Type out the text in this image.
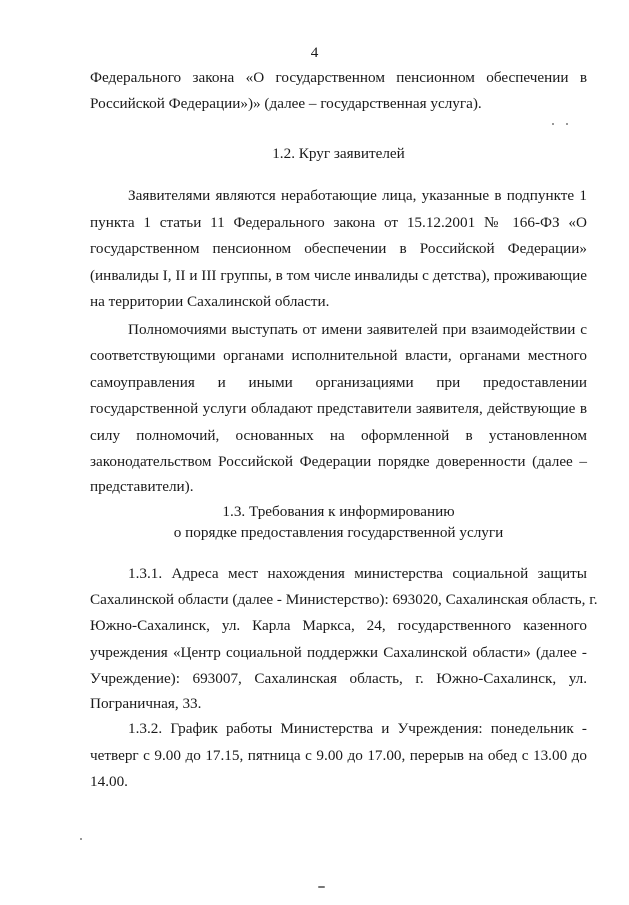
4
Федерального закона «О государственном пенсионном обеспечении в
Российской Федерации»)» (далее – государственная услуга).
1.2. Круг заявителей
Заявителями являются неработающие лица, указанные в подпункте 1
пункта 1 статьи 11 Федерального закона от 15.12.2001 № 166-ФЗ «О
государственном пенсионном обеспечении в Российской Федерации»
(инвалиды I, II и III группы, в том числе инвалиды с детства), проживающие
на территории Сахалинской области.
Полномочиями выступать от имени заявителей при взаимодействии с
соответствующими органами исполнительной власти, органами местного
самоуправления и иными организациями при предоставлении
государственной услуги обладают представители заявителя, действующие в
силу полномочий, основанных на оформленной в установленном
законодательством Российской Федерации порядке доверенности (далее –
представители).
1.3. Требования к информированию
о порядке предоставления государственной услуги
1.3.1. Адреса мест нахождения министерства социальной защиты
Сахалинской области (далее - Министерство): 693020, Сахалинская область, г.
Южно-Сахалинск, ул. Карла Маркса, 24, государственного казенного
учреждения «Центр социальной поддержки Сахалинской области» (далее -
Учреждение): 693007, Сахалинская область, г. Южно-Сахалинск, ул.
Пограничная, 33.
1.3.2. График работы Министерства и Учреждения: понедельник -
четверг с 9.00 до 17.15, пятница с 9.00 до 17.00, перерыв на обед с 13.00 до
14.00.
